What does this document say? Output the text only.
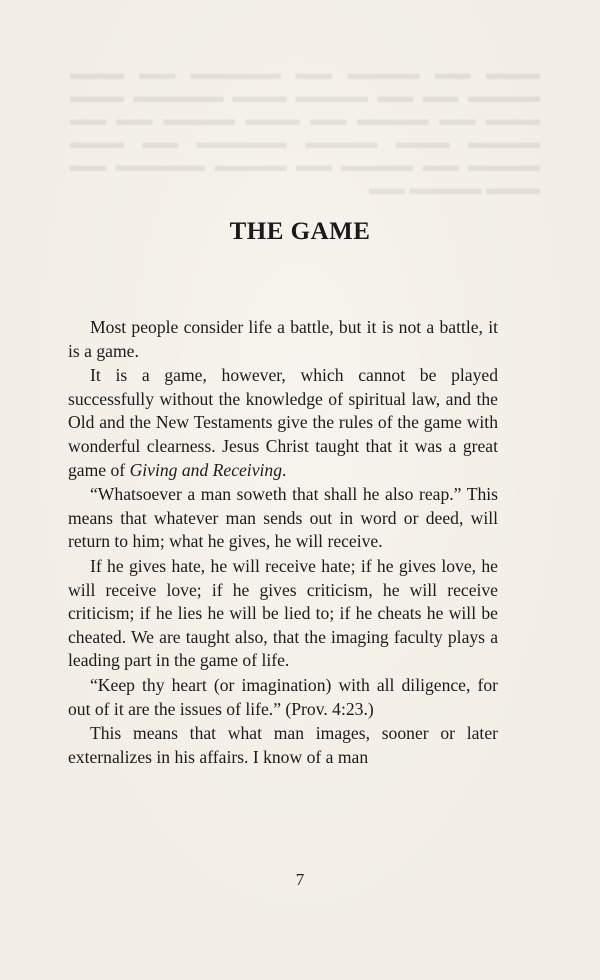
▬▬▬ ▬▬ ▬▬▬▬ ▬▬ ▬▬▬▬▬ ▬▬ ▬▬▬ ▬▬▬▬ ▬▬ ▬▬ ▬▬▬▬ ▬▬▬ ▬▬▬▬▬ ▬▬▬ ▬▬▬ ▬▬ ▬▬▬▬ ▬▬ ▬▬▬ ▬▬▬▬ ▬▬ ▬▬ ▬▬▬▬ ▬▬▬ ▬▬▬▬ ▬▬▬▬▬ ▬▬ ▬▬▬ ▬▬▬▬ ▬▬ ▬▬▬▬ ▬▬ ▬▬▬▬ ▬▬▬▬▬ ▬▬ ▬▬▬ ▬▬▬▬ ▬▬
THE GAME

Most people consider life a battle, but it is not a battle, it is a game.

It is a game, however, which cannot be played successfully without the knowledge of spiritual law, and the Old and the New Testaments give the rules of the game with wonderful clearness. Jesus Christ taught that it was a great game of Giving and Receiving.

“Whatsoever a man soweth that shall he also reap.” This means that whatever man sends out in word or deed, will return to him; what he gives, he will receive.

If he gives hate, he will receive hate; if he gives love, he will receive love; if he gives criticism, he will receive criticism; if he lies he will be lied to; if he cheats he will be cheated. We are taught also, that the imaging faculty plays a leading part in the game of life.

“Keep thy heart (or imagination) with all diligence, for out of it are the issues of life.” (Prov. 4:23.)

This means that what man images, sooner or later externalizes in his affairs. I know of a man

7
